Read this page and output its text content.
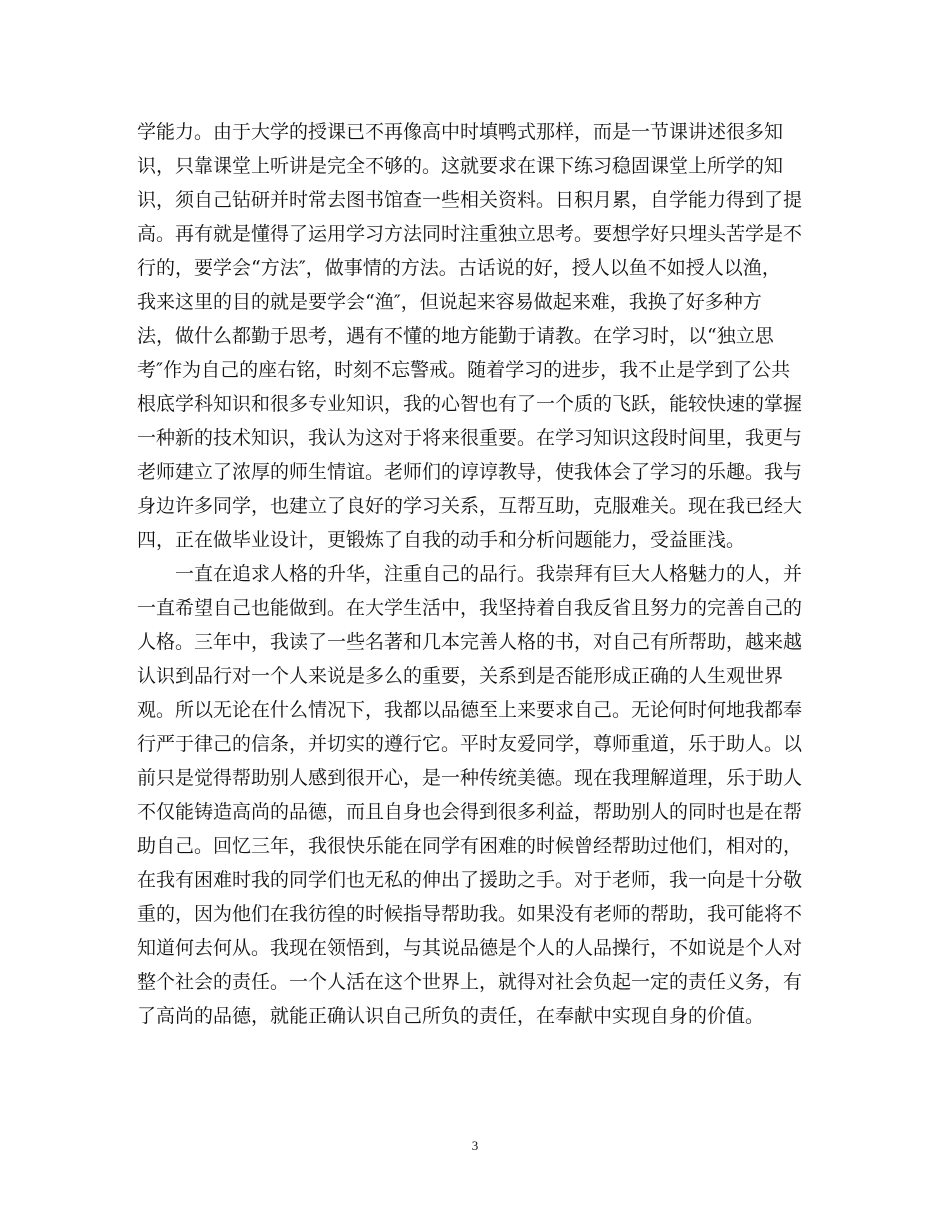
学能力。由于大学的授课已不再像高中时填鸭式那样，而是一节课讲述很多知
识，只靠课堂上听讲是完全不够的。这就要求在课下练习稳固课堂上所学的知
识，须自己钻研并时常去图书馆查一些相关资料。日积月累，自学能力得到了提
高。再有就是懂得了运用学习方法同时注重独立思考。要想学好只埋头苦学是不
行的，要学会“方法″，做事情的方法。古话说的好，授人以鱼不如授人以渔，
我来这里的目的就是要学会“渔″，但说起来容易做起来难，我换了好多种方
法，做什么都勤于思考，遇有不懂的地方能勤于请教。在学习时，以“独立思
考″作为自己的座右铭，时刻不忘警戒。随着学习的进步，我不止是学到了公共
根底学科知识和很多专业知识，我的心智也有了一个质的飞跃，能较快速的掌握
一种新的技术知识，我认为这对于将来很重要。在学习知识这段时间里，我更与
老师建立了浓厚的师生情谊。老师们的谆谆教导，使我体会了学习的乐趣。我与
身边许多同学，也建立了良好的学习关系，互帮互助，克服难关。现在我已经大
四，正在做毕业设计，更锻炼了自我的动手和分析问题能力，受益匪浅。
　　一直在追求人格的升华，注重自己的品行。我崇拜有巨大人格魅力的人，并
一直希望自己也能做到。在大学生活中，我坚持着自我反省且努力的完善自己的
人格。三年中，我读了一些名著和几本完善人格的书，对自己有所帮助，越来越
认识到品行对一个人来说是多么的重要，关系到是否能形成正确的人生观世界
观。所以无论在什么情况下，我都以品德至上来要求自己。无论何时何地我都奉
行严于律己的信条，并切实的遵行它。平时友爱同学，尊师重道，乐于助人。以
前只是觉得帮助别人感到很开心，是一种传统美德。现在我理解道理，乐于助人
不仅能铸造高尚的品德，而且自身也会得到很多利益，帮助别人的同时也是在帮
助自己。回忆三年，我很快乐能在同学有困难的时候曾经帮助过他们，相对的，
在我有困难时我的同学们也无私的伸出了援助之手。对于老师，我一向是十分敬
重的，因为他们在我彷徨的时候指导帮助我。如果没有老师的帮助，我可能将不
知道何去何从。我现在领悟到，与其说品德是个人的人品操行，不如说是个人对
整个社会的责任。一个人活在这个世界上，就得对社会负起一定的责任义务，有
了高尚的品德，就能正确认识自己所负的责任，在奉献中实现自身的价值。
3
